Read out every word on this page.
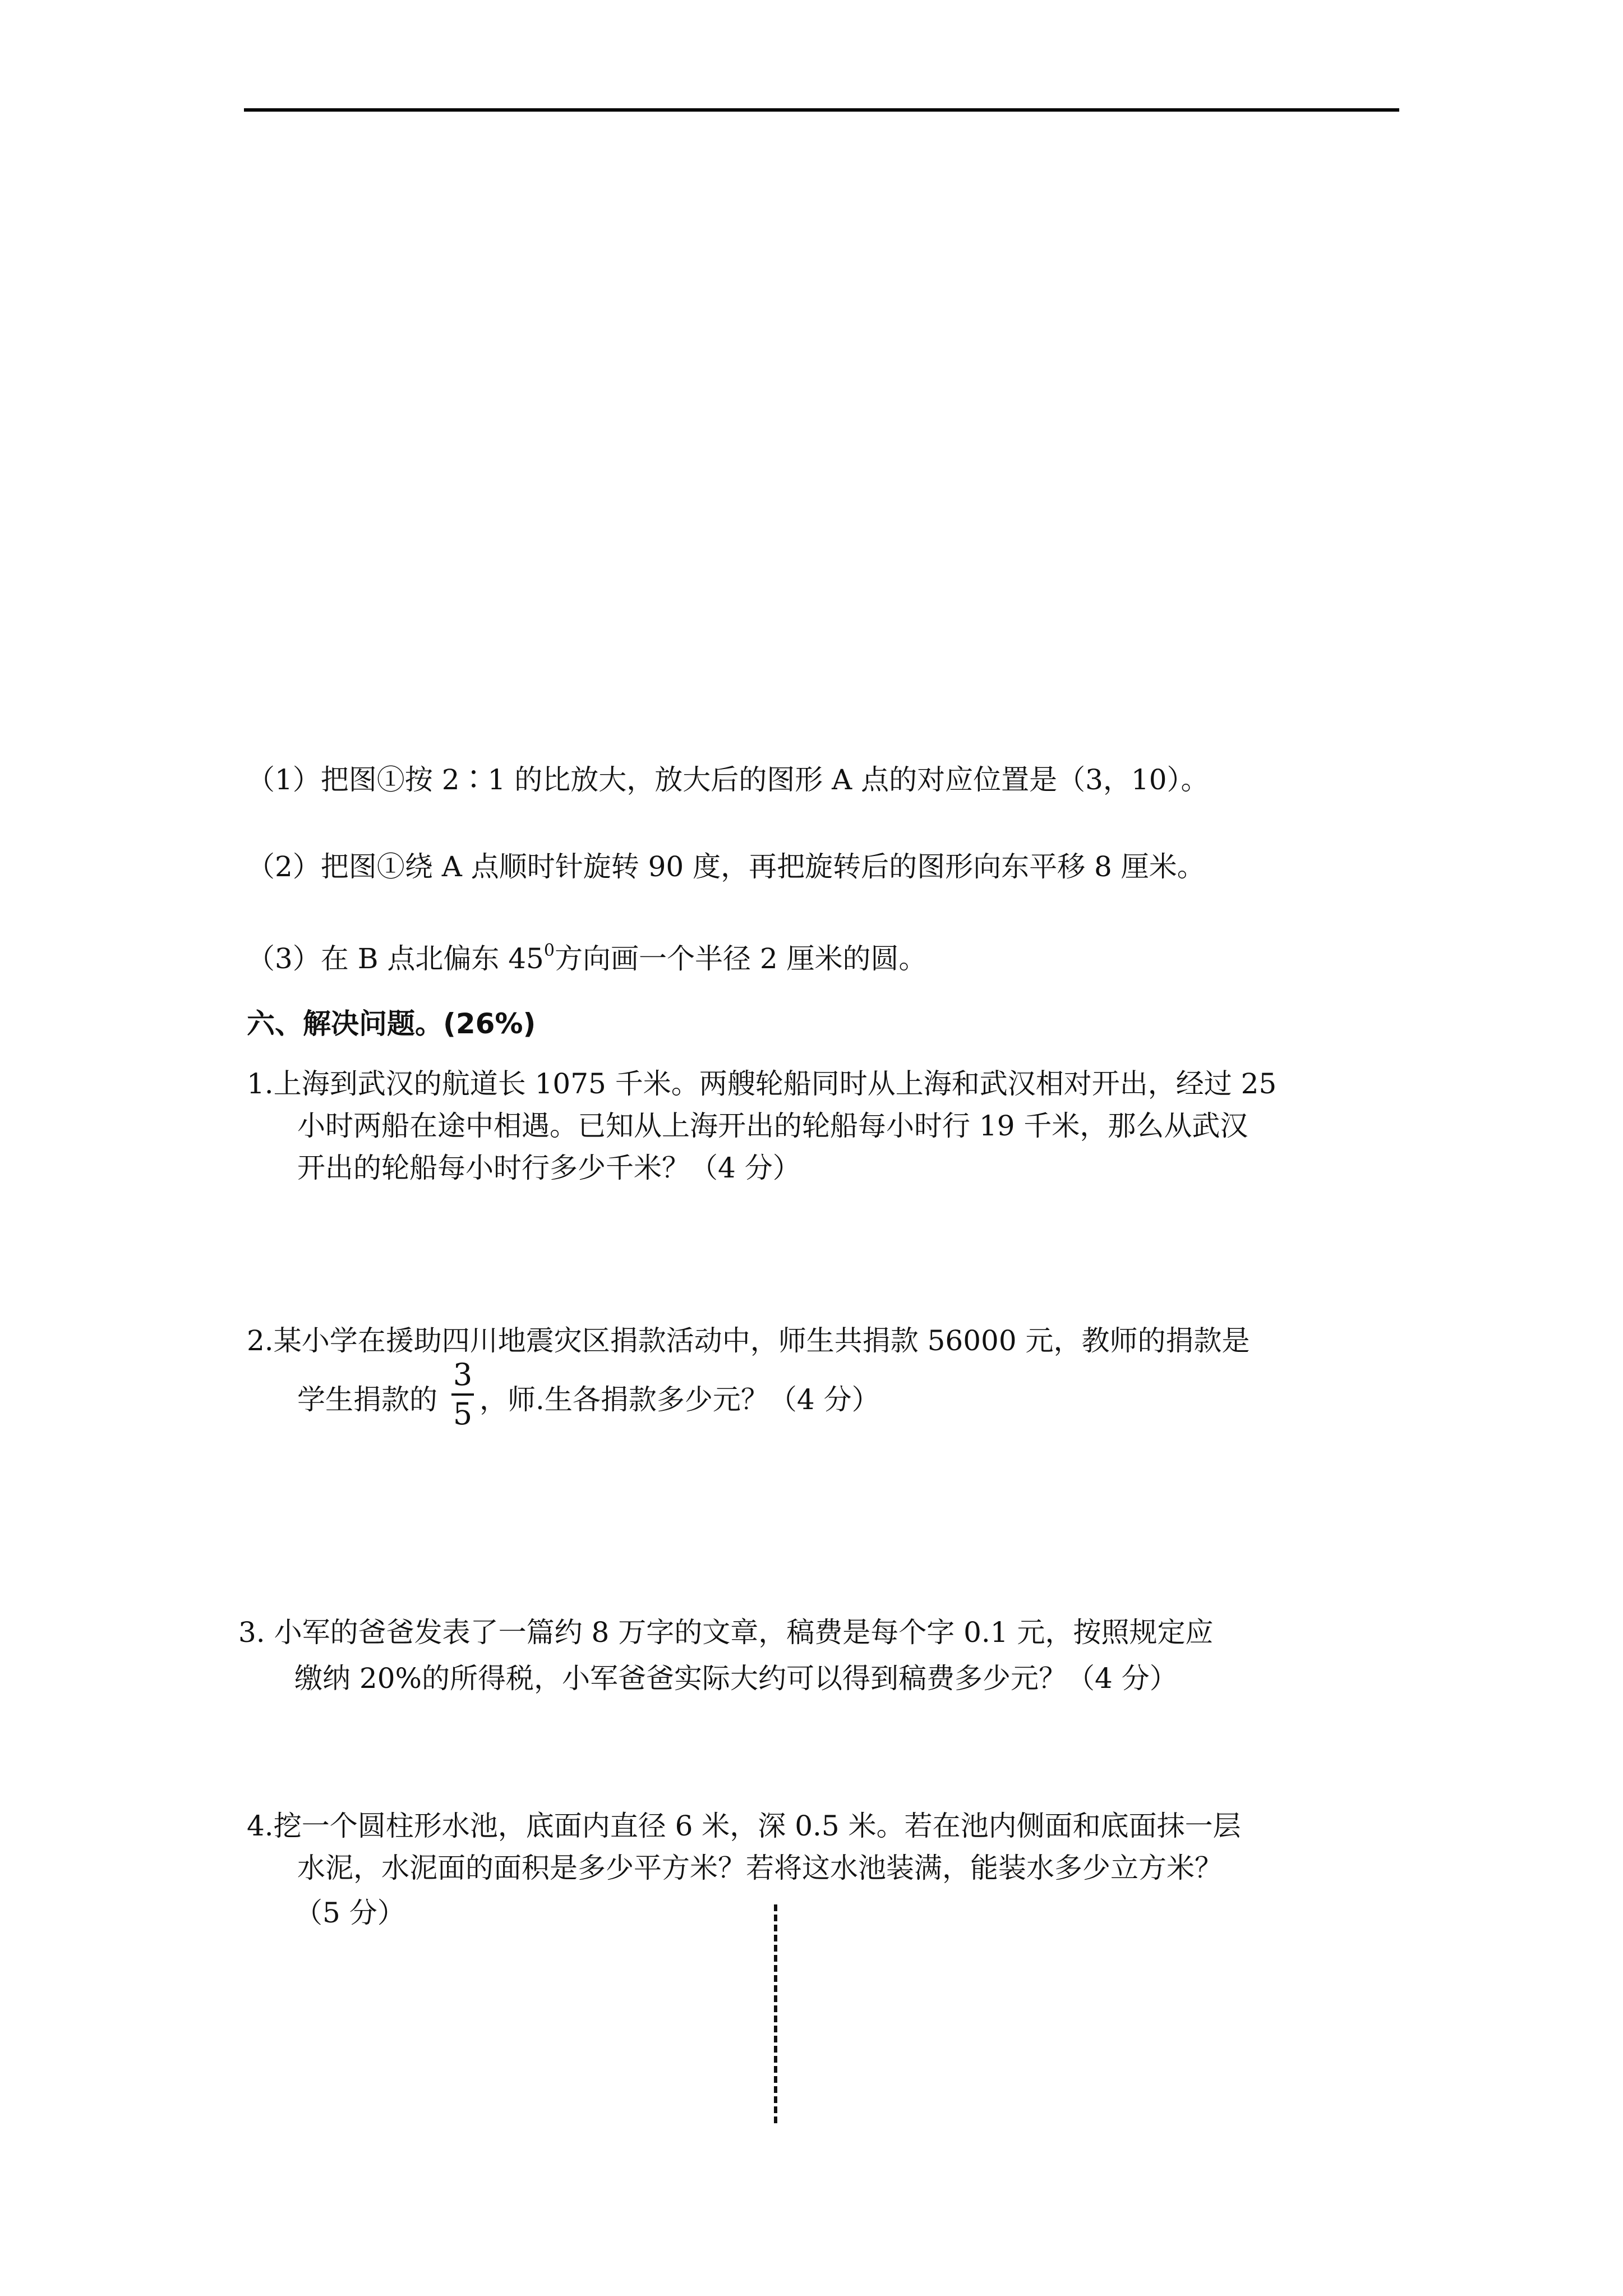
（1）把图①按 2∶1 的比放大，放大后的图形 A 点的对应位置是（3，10）。
（2）把图①绕 A 点顺时针旋转 90 度，再把旋转后的图形向东平移 8 厘米。
（3）在 B 点北偏东 $45^0$方向画一个半径 2 厘米的圆。
六、解决问题。(26%)
1.上海到武汉的航道长 1075 千米。两艘轮船同时从上海和武汉相对开出，经过 25
小时两船在途中相遇。已知从上海开出的轮船每小时行 19 千米，那么从武汉
开出的轮船每小时行多少千米？（4 分）
2.某小学在援助四川地震灾区捐款活动中，师生共捐款 56000 元，教师的捐款是
学生捐款的
3
5 ，师.生各捐款多少元？（4 分）
3. 小军的爸爸发表了一篇约 8 万字的文章，稿费是每个字 0.1 元，按照规定应
缴纳 20%的所得税，小军爸爸实际大约可以得到稿费多少元？（4 分）
4.挖一个圆柱形水池，底面内直径 6 米，深 0.5 米。若在池内侧面和底面抹一层
水泥，水泥面的面积是多少平方米？若将这水池装满，能装水多少立方米？
（5 分）
